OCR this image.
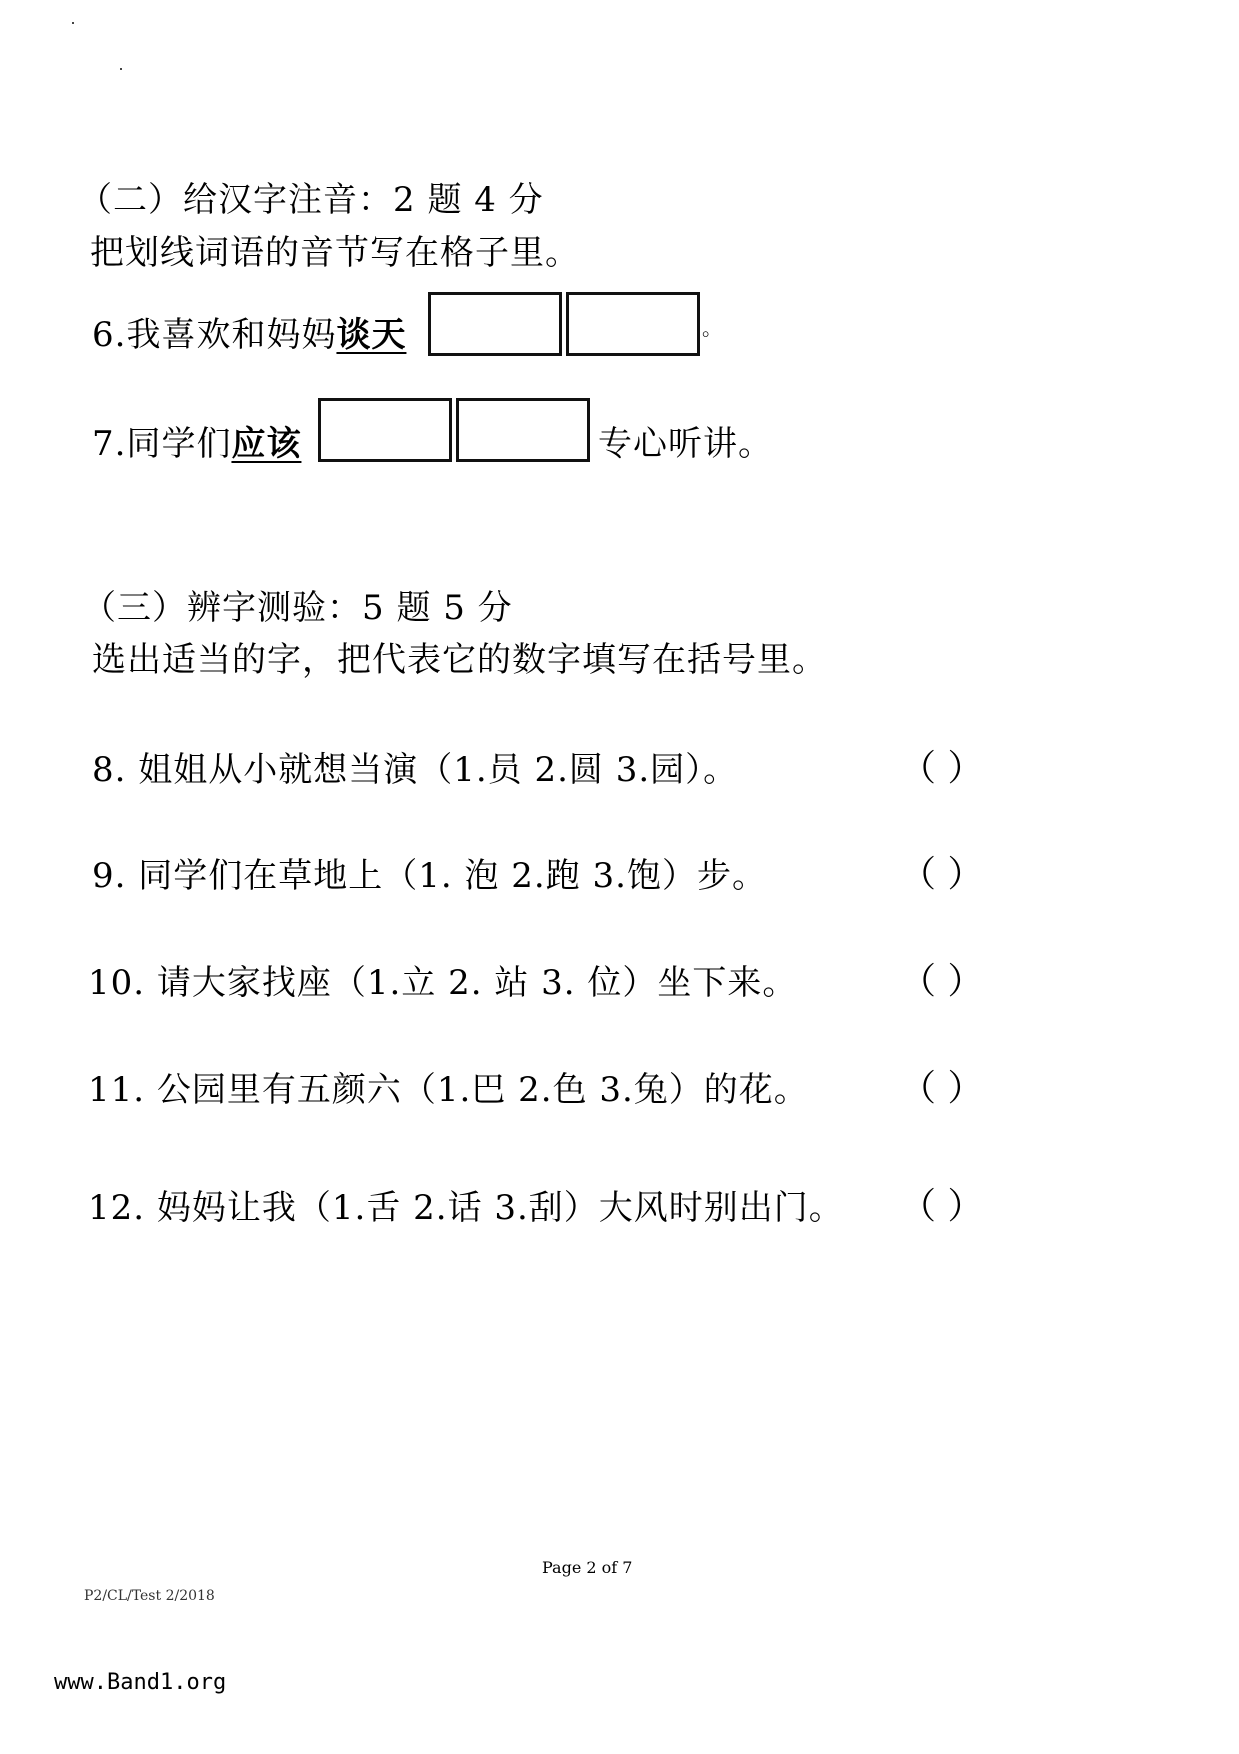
（二）给汉字注音：2 题 4 分
把划线词语的音节写在格子里。
6.我喜欢和妈妈谈天	。
7.同学们应该	专心听讲。
（三）辨字测验：5 题 5 分
选出适当的字，把代表它的数字填写在括号里。
8. 姐姐从小就想当演（1.员 2.圆 3.园）。	（ ）
9. 同学们在草地上（1. 泡 2.跑 3.饱）步。	（ ）
10. 请大家找座（1.立 2. 站 3. 位）坐下来。	（ ）
11. 公园里有五颜六（1.巴 2.色 3.兔）的花。	（ ）
12. 妈妈让我（1.舌 2.话 3.刮）大风时别出门。 （ ）
Page 2 of 7
P2/CL/Test 2/2018
www.Band1.org
